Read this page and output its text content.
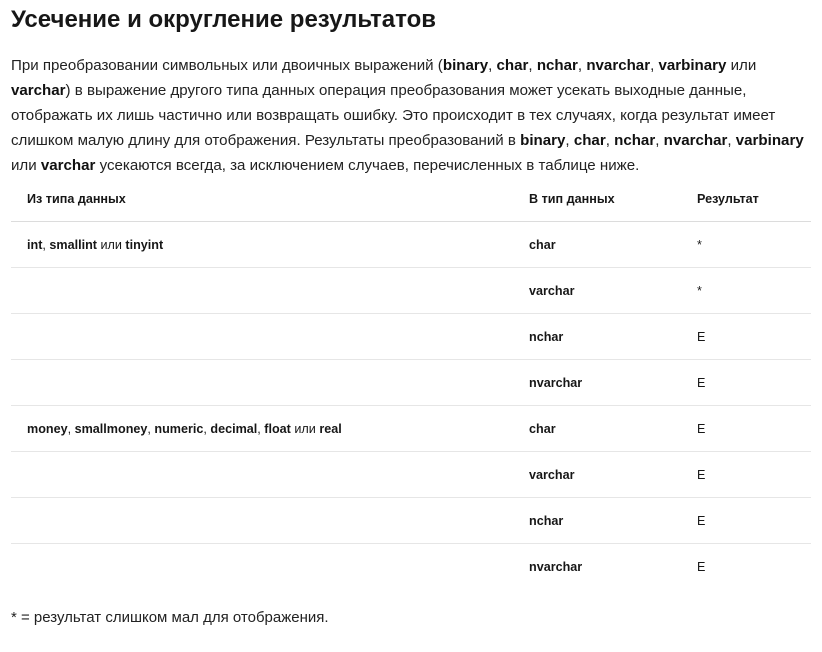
Усечение и округление результатов

При преобразовании символьных или двоичных выражений (binary, char, nchar, nvarchar, varbinary или varchar) в выражение другого типа данных операция преобразования может усекать выходные данные, отображать их лишь частично или возвращать ошибку. Это происходит в тех случаях, когда результат имеет слишком малую длину для отображения. Результаты преобразований в binary, char, nchar, nvarchar, varbinary или varchar усекаются всегда, за исключением случаев, перечисленных в таблице ниже.

Из типа данных	В тип данных	Результат
int, smallint или tinyint	char	*
	varchar	*
	nchar	E
	nvarchar	E
money, smallmoney, numeric, decimal, float или real	char	E
	varchar	E
	nchar	E
	nvarchar	E

* = результат слишком мал для отображения.
